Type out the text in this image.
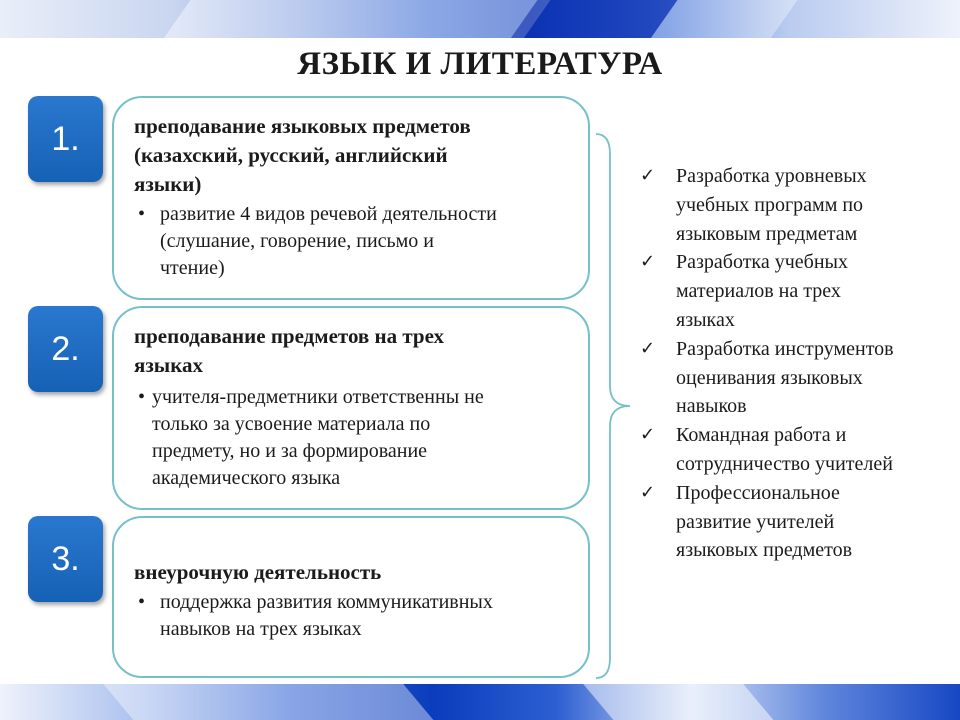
ЯЗЫК И ЛИТЕРАТУРА
1.	преподавание языковых предметов
(казахский, русский, английский
языки)
• развитие 4 видов речевой деятельности
(слушание, говорение, письмо и
чтение)
2.	преподавание предметов на трех
языках
• учителя-предметники ответственны не
только за усвоение материала по
предмету, но и за формирование
академического языка
3.	внеурочную деятельность
• поддержка развития коммуникативных
навыков на трех языках
✓	Разработка уровневых
учебных программ по
языковым предметам
✓	Разработка учебных
материалов на трех
языках
✓	Разработка инструментов
оценивания языковых
навыков
✓	Командная работа и
сотрудничество учителей
✓	Профессиональное
развитие учителей
языковых предметов
